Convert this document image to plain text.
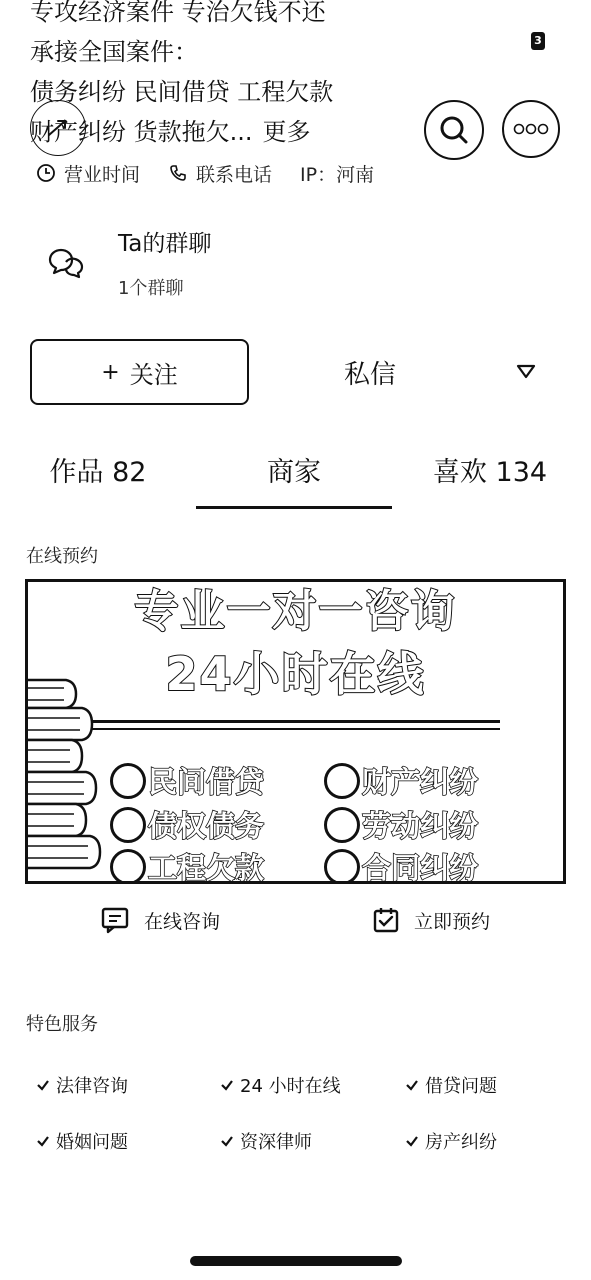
专攻经济案件 专治欠钱不还
承接全国案件：
债务纠纷 民间借贷 工程欠款
财产纠纷 货款拖欠... 更多
3
营业时间	联系电话 IP：河南
Ta的群聊
1个群聊
+ 关注	私信
作品 82	商家	喜欢 134
在线预约
专业一对一咨询
24小时在线
民间借贷	财产纠纷
债权债务	劳动纠纷
工程欠款	合同纠纷
在线咨询	立即预约
特色服务
法律咨询	24 小时在线	借贷问题
婚姻问题	资深律师	房产纠纷
